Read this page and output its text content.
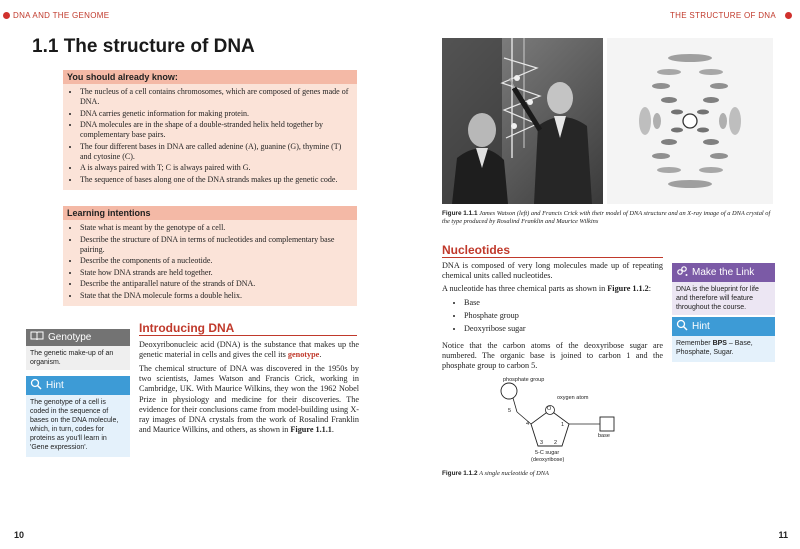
DNA AND THE GENOME	THE STRUCTURE OF DNA
1.1 The structure of DNA
You should already know:
• The nucleus of a cell contains chromosomes, which are composed of genes made of DNA.
• DNA carries genetic information for making protein.
• DNA molecules are in the shape of a double-stranded helix held together by complementary base pairs.
• The four different bases in DNA are called adenine (A), guanine (G), thymine (T) and cytosine (C).
• A is always paired with T; C is always paired with G.
• The sequence of bases along one of the DNA strands makes up the genetic code.
Learning intentions
• State what is meant by the genotype of a cell.
• Describe the structure of DNA in terms of nucleotides and complementary base pairing.
• Describe the components of a nucleotide.
• State how DNA strands are held together.
• Describe the antiparallel nature of the strands of DNA.
• State that the DNA molecule forms a double helix.
Genotype
The genetic make-up of an organism.
Hint
The genotype of a cell is coded in the sequence of bases on the DNA molecule, which, in turn, codes for proteins as you'll learn in 'Gene expression'.
Introducing DNA
Deoxyribonucleic acid (DNA) is the substance that makes up the genetic material in cells and gives the cell its genotype.
The chemical structure of DNA was discovered in the 1950s by two scientists, James Watson and Francis Crick, working in Cambridge, UK. With Maurice Wilkins, they won the 1962 Nobel Prize in physiology and medicine for their discoveries. The evidence for their conclusions came from model-building using X-ray images of DNA crystals from the work of Rosalind Franklin and Maurice Wilkins, and others, as shown in Figure 1.1.1.
Figure 1.1.1 James Watson (left) and Francis Crick with their model of DNA structure and an X-ray image of a DNA crystal of the type produced by Rosalind Franklin and Maurice Wilkins
Nucleotides
DNA is composed of very long molecules made up of repeating chemical units called nucleotides.
A nucleotide has three chemical parts as shown in Figure 1.1.2:
• Base
• Phosphate group
• Deoxyribose sugar
Notice that the carbon atoms of the deoxyribose sugar are numbered. The organic base is joined to carbon 1 and the phosphate group to carbon 5.
Make the Link
DNA is the blueprint for life and therefore will feature throughout the course.
Hint
Remember BPS – Base, Phosphate, Sugar.
phosphate group
O
oxygen atom
base
5
4	1
2
3
5-C sugar
(deoxyribose)
Figure 1.1.2 A single nucleotide of DNA
10	11
